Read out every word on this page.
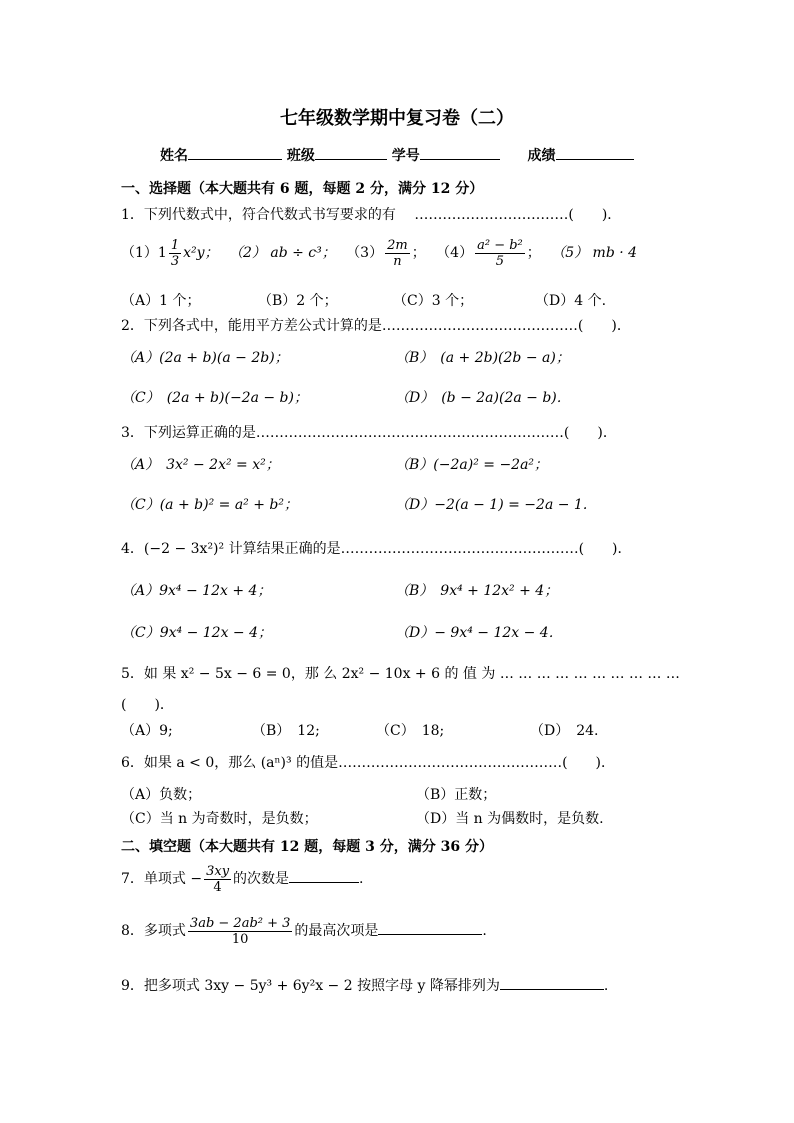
七年级数学期中复习卷（二）
姓名	班级	学号	成绩
一、选择题（本大题共有 6 题，每题 2 分，满分 12 分）
1．下列代数式中，符合代数式书写要求的有　 ……………………………(　　)．
$(1)1 \frac{1}{3} x^2y$； （2） ab ÷ c³； $(3) \frac{2m}{n}$ ； $(4) \frac{\text{a² − b²}}{5}$ ； （5） mb · 4
（A）1 个；	（B）2 个；	（C）3 个；	（D）4 个.
2．下列各式中，能用平方差公式计算的是……………………………………(　　)．
（A）(2a + b)(a − 2b)；	（B）　(a + 2b)(2b − a)；
（C）　(2a + b)(−2a − b)；	（D）　(b − 2a)(2a − b)．
3．下列运算正确的是…………………………………………………………(　　)．
（A）　3x² − 2x² = x²；	（B）(−2a)² = −2a²；
（C）(a + b)² = a² + b²；	（D）−2(a − 1) = −2a − 1.
4．(−2 − 3x²)² 计算结果正确的是……………………………………………(　　)．
（A）9x⁴ − 12x + 4；	（B）　9x⁴ + 12x² + 4；
（C）9x⁴ − 12x − 4；	（D）− 9x⁴ − 12x − 4．
5．如 果 x² − 5x − 6 = 0，那 么 2x² − 10x + 6 的 值 为 … … … … … … … … … …
(　　)．
（A）9;	（B）　12;	（C）　18;	（D）　24.
6．如果 a < 0，那么 (aⁿ)³ 的值是…………………………………………(　　)．
（A）负数；	（B）正数；
（C）当 n 为奇数时，是负数；	（D）当 n 为偶数时，是负数.
二、填空题（本大题共有 12 题，每题 3 分，满分 36 分）
7．单项式 − $\frac{3xy}{4}$ 的次数是	.
8．多项式 $\frac{\text{3ab − 2ab² + 3}}{10}$ 的最高次项是	.
9．把多项式 3xy − 5y³ + 6y²x − 2 按照字母 y 降幂排列为	.
